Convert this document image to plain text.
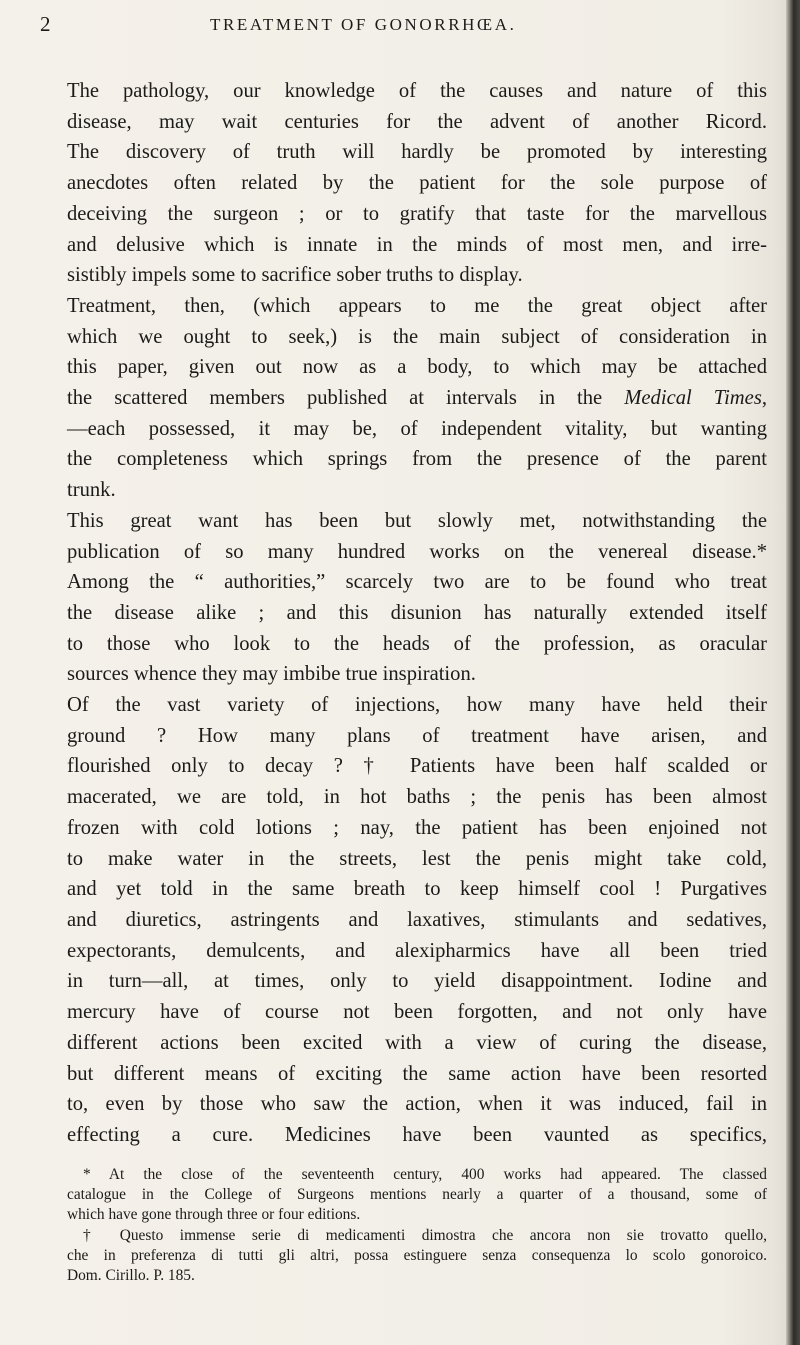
2	TREATMENT OF GONORRHŒA.
The pathology, our knowledge of the causes and nature of this
disease, may wait centuries for the advent of another Ricord.
The discovery of truth will hardly be promoted by interesting
anecdotes often related by the patient for the sole purpose of
deceiving the surgeon ; or to gratify that taste for the marvellous
and delusive which is innate in the minds of most men, and irre-
sistibly impels some to sacrifice sober truths to display.
Treatment, then, (which appears to me the great object after
which we ought to seek,) is the main subject of consideration in
this paper, given out now as a body, to which may be attached
the scattered members published at intervals in the Medical Times,
—each possessed, it may be, of independent vitality, but wanting
the completeness which springs from the presence of the parent
trunk.
This great want has been but slowly met, notwithstanding the
publication of so many hundred works on the venereal disease.*
Among the “ authorities,” scarcely two are to be found who treat
the disease alike ; and this disunion has naturally extended itself
to those who look to the heads of the profession, as oracular
sources whence they may imbibe true inspiration.
Of the vast variety of injections, how many have held their
ground ? How many plans of treatment have arisen, and
flourished only to decay ? † Patients have been half scalded or
macerated, we are told, in hot baths ; the penis has been almost
frozen with cold lotions ; nay, the patient has been enjoined not
to make water in the streets, lest the penis might take cold,
and yet told in the same breath to keep himself cool ! Purgatives
and diuretics, astringents and laxatives, stimulants and sedatives,
expectorants, demulcents, and alexipharmics have all been tried
in turn—all, at times, only to yield disappointment. Iodine and
mercury have of course not been forgotten, and not only have
different actions been excited with a view of curing the disease,
but different means of exciting the same action have been resorted
to, even by those who saw the action, when it was induced, fail in
effecting a cure. Medicines have been vaunted as specifics,
* At the close of the seventeenth century, 400 works had appeared. The classed
catalogue in the College of Surgeons mentions nearly a quarter of a thousand, some of
which have gone through three or four editions.
† Questo immense serie di medicamenti dimostra che ancora non sie trovatto quello,
che in preferenza di tutti gli altri, possa estinguere senza consequenza lo scolo gonoroico.
Dom. Cirillo. P. 185.
